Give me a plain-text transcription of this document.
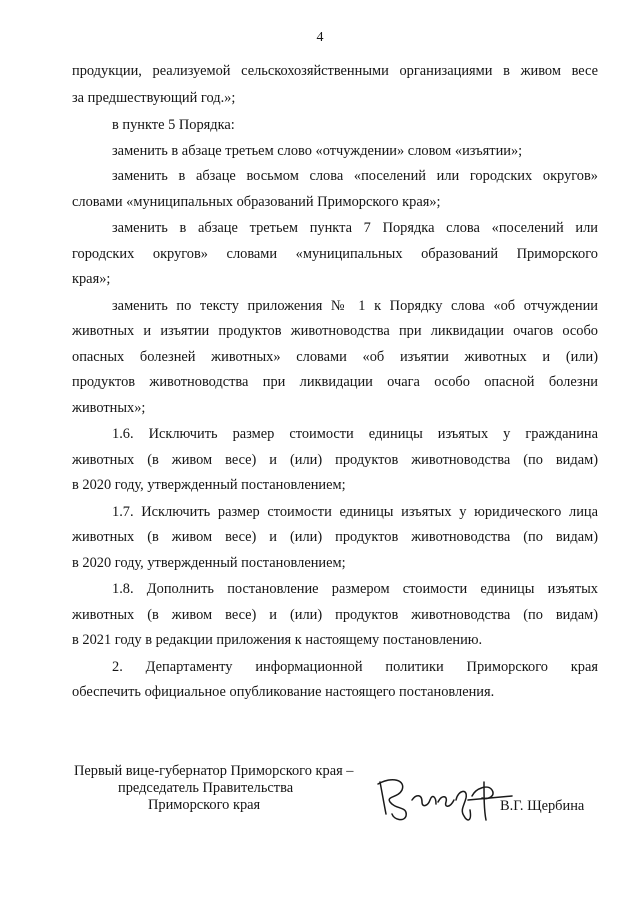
4
продукции, реализуемой сельскохозяйственными организациями в живом весе
за предшествующий год.»;
в пункте 5 Порядка:
заменить в абзаце третьем слово «отчуждении» словом «изъятии»;
заменить в абзаце восьмом слова «поселений или городских округов»
словами «муниципальных образований Приморского края»;
заменить в абзаце третьем пункта 7 Порядка слова «поселений или
городских округов» словами «муниципальных образований Приморского
края»;
заменить по тексту приложения № 1 к Порядку слова «об отчуждении
животных и изъятии продуктов животноводства при ликвидации очагов особо
опасных болезней животных» словами «об изъятии животных и (или)
продуктов животноводства при ликвидации очага особо опасной болезни
животных»;
1.6. Исключить размер стоимости единицы изъятых у гражданина
животных (в живом весе) и (или) продуктов животноводства (по видам)
в 2020 году, утвержденный постановлением;
1.7. Исключить размер стоимости единицы изъятых у юридического лица
животных (в живом весе) и (или) продуктов животноводства (по видам)
в 2020 году, утвержденный постановлением;
1.8. Дополнить постановление размером стоимости единицы изъятых
животных (в живом весе) и (или) продуктов животноводства (по видам)
в 2021 году в редакции приложения к настоящему постановлению.
2. Департаменту информационной политики Приморского края
обеспечить официальное опубликование настоящего постановления.
Первый вице-губернатор Приморского края –
председатель Правительства
Приморского края	В.Г. Щербина
